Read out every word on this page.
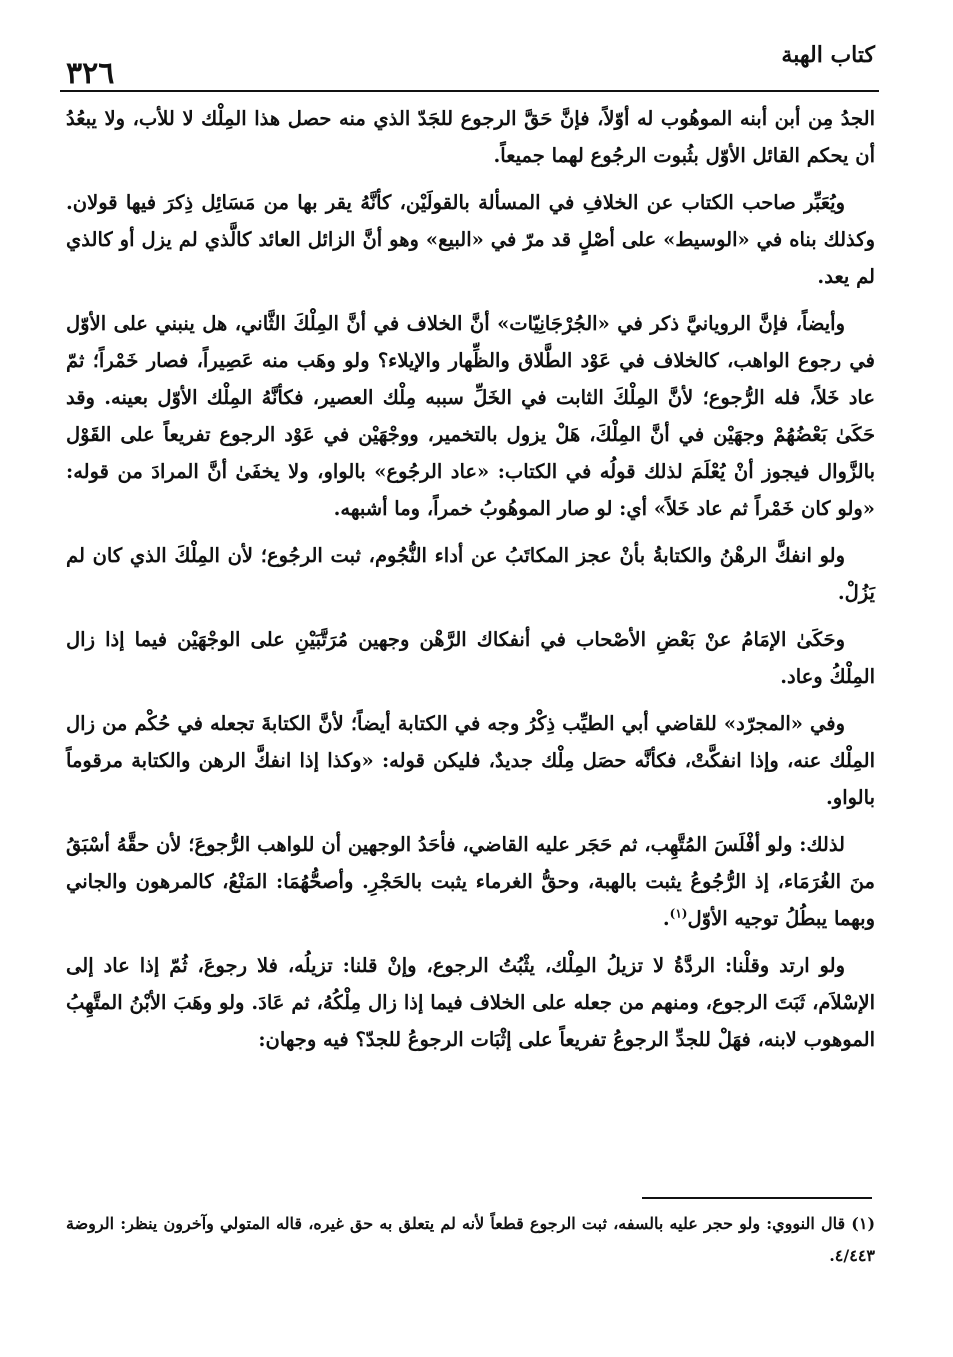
كتاب الهبة
٣٢٦

الجدُ مِن أبن أبنه الموهُوب له أوّلاً، فإنَّ حَقَّ الرجوع للجَدّ الذي منه حصل هذا المِلْك لا للأب، ولا يبعُدُ أن يحكم القائل الأوّل بثُبوت الرجُوع لهما جميعاً.

ويُعَبِّر صاحب الكتاب عن الخلافِ في المسألة بالقولَيْن، كأنَّهُ يقر بها من مَسَائِل ذِكرَ فيها قولان. وكذلك بناه في «الوسيط» على أصْلٍ قد مرّ في «البيع» وهو أنَّ الزائل العائد كالَّذي لم يزل أو كالذي لم يعد.

وأيضاً، فإنَّ الرويانيَّ ذكر في «الجُرْجَانِيّات» أنَّ الخلاف في أنَّ المِلْكَ الثَّاني، هل ينبني على الأوّل في رجوع الواهب، كالخلاف في عَوْد الطَّلاق والظِّهار والإيلاء؟ ولو وهَب منه عَصِيراً، فصار خَمْراً؛ ثمّ عاد خَلاً، فله الرُّجوع؛ لأنَّ المِلْكَ الثابت في الخَلِّ سببه مِلْك العصير، فكأنَّهُ المِلْك الأوّل بعينه. وقد حَكَىٰ بَعْضُهُمْ وجهَيْن في أنَّ المِلْكَ، هَلْ يزول بالتخمير، ووجْهَيْن في عَوْد الرجوع تفريعاً على القَوْل بالزَّوال فيجوز أنْ يُعْلَمَ لذلك قولُه في الكتاب: «عاد الرجُوع» بالواو، ولا يخفَىٰ أنَّ المرادَ من قوله: «ولو كان خَمْراً ثم عاد خَلاً» أي: لو صار الموهُوبُ خمراً، وما أشبهه.

ولو انفكَّ الرهْنُ والكتابةُ بأنْ عجز المكاتَبُ عن أداء النُّجُوم، ثبت الرجُوع؛ لأن المِلْكَ الذي كان لم يَزُلْ.

وحَكَىٰ الإمَامُ عنْ بَعْضِ الأصْحاب في أنفكاك الرَّهْن وجهين مُرَتَّبَيْنِ على الوجْهَيْن فيما إذا زال المِلْكُ وعاد.

وفي «المجرّد» للقاضي أبي الطيِّب ذِكْرُ وجه في الكتابة أيضاً؛ لأنَّ الكتابةَ تجعله في حُكْم من زال المِلْك عنه، وإذا انفكَّتْ، فكأنَّه حصَل مِلْك جديدٌ، فليكن قوله: «وكذا إذا انفكَّ الرهن والكتابة مرقوماً بالواو.

لذلك: ولو أفْلَسَ المُتَّهِب، ثم حَجَر عليه القاضي، فأحَدُ الوجهين أن للواهب الرُّجوعَ؛ لأن حقَّهُ أسْبَقُ منَ الغُرَمَاء، إذ الرُّجُوعُ يثبت بالهبة، وحقُّ الغرماء يثبت بالحَجْرِ. وأصحُّهُمَا: المَنْعُ، كالمرهون والجاني وبهما يبطُلُ توجيه الأوّل$^{(١)}$.

ولو ارتد وقلْنا: الردَّةُ لا تزيلُ المِلْك، يثْبُتُ الرجوع، وإنْ قلنا: تزيلُه، فلا رجوعَ، ثُمّ إذا عاد إلى الإسْلاَم، ثَبَتَ الرجوع، ومنهم من جعله على الخلاف فيما إذا زال مِلْكُهُ، ثم عَادَ. ولو وهَبَ الأبْنُ المتَّهِبُ الموهوب لابنه، فهَلْ للجدِّ الرجوعُ تفريعاً على إثْبَات الرجوعُ للجدّ؟ فيه وجهان:

(١) قال النووي: ولو حجر عليه بالسفه، ثبت الرجوع قطعاً لأنه لم يتعلق به حق غيره، قاله المتولي وآخرون ينظر: الروضة ٤/٤٤٣.
